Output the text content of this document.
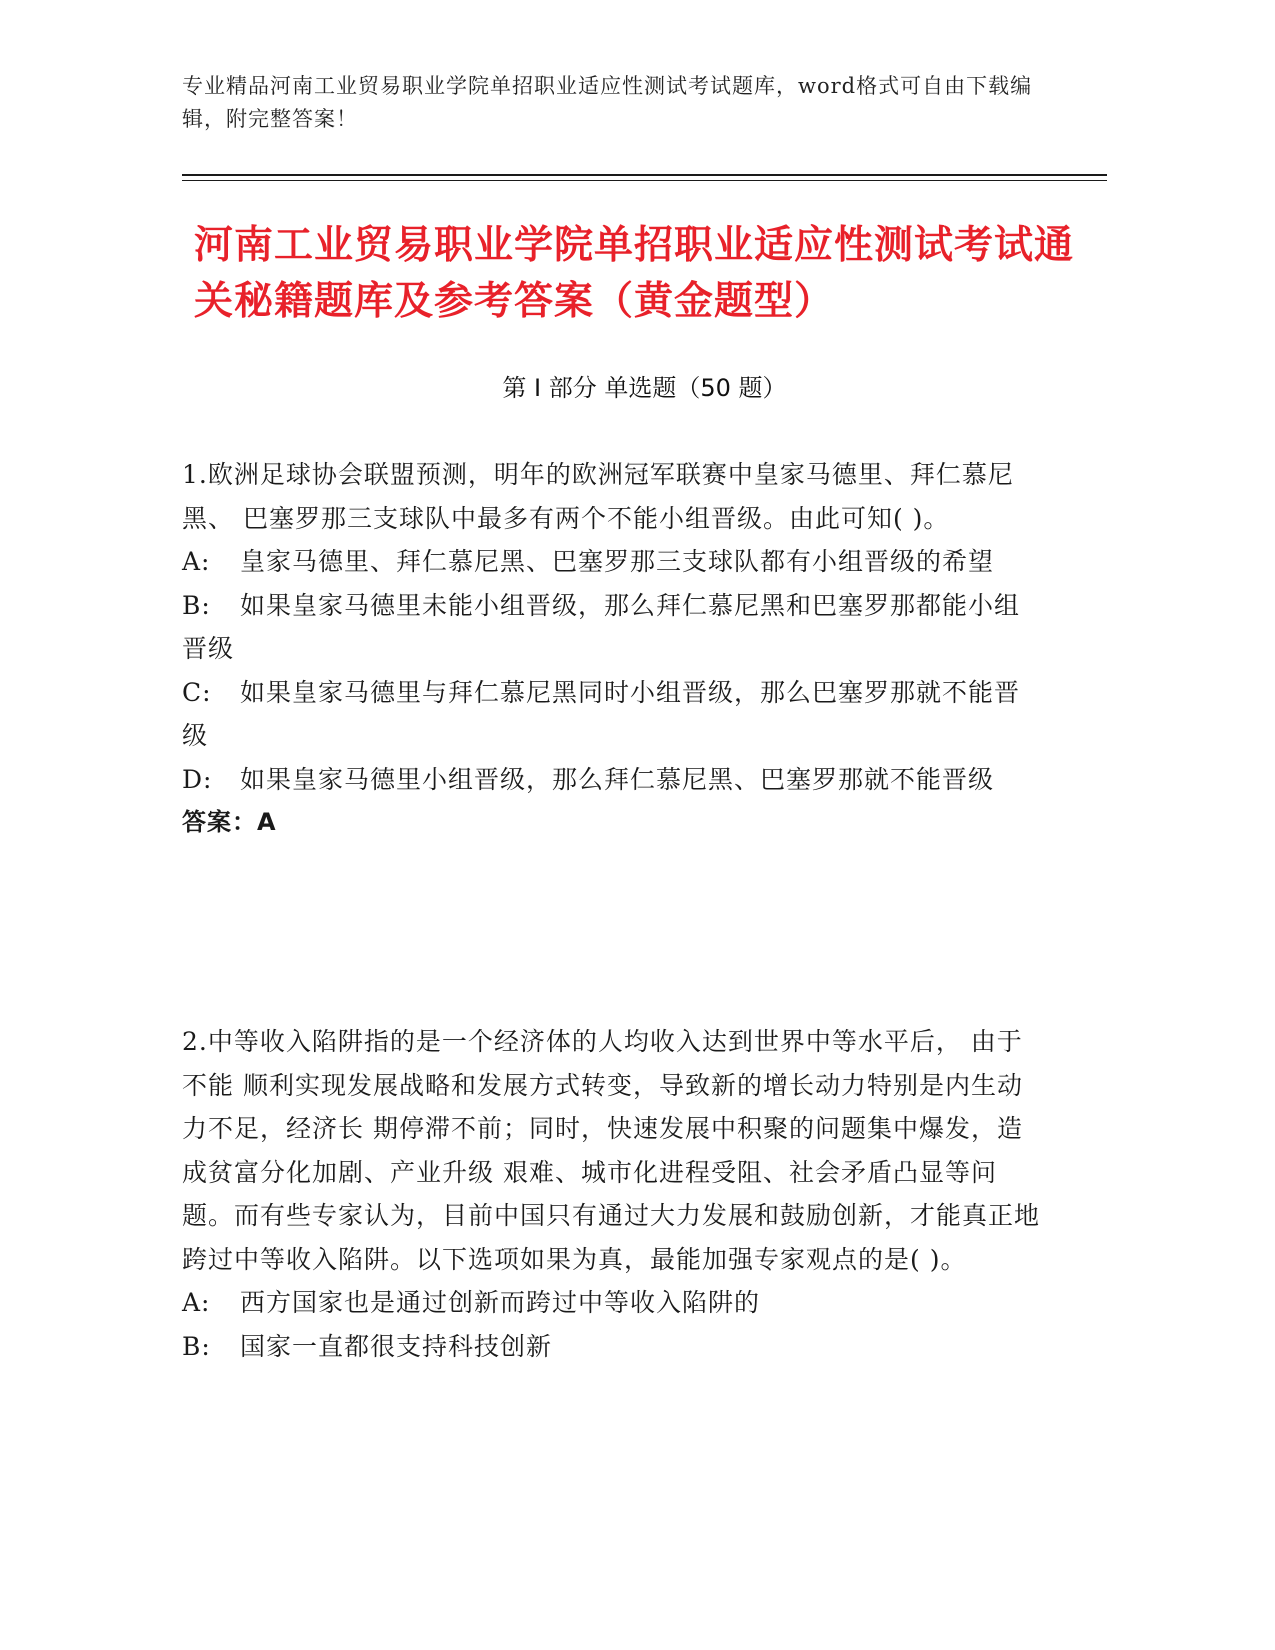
专业精品河南工业贸易职业学院单招职业适应性测试考试题库，word格式可自由下载编辑，附完整答案！
河南工业贸易职业学院单招职业适应性测试考试通关秘籍题库及参考答案（黄金题型）
第 I 部分 单选题（50 题）

1.欧洲足球协会联盟预测，明年的欧洲冠军联赛中皇家马德里、拜仁慕尼黑、 巴塞罗那三支球队中最多有两个不能小组晋级。由此可知( )。

A: 皇家马德里、拜仁慕尼黑、巴塞罗那三支球队都有小组晋级的希望

B: 如果皇家马德里未能小组晋级，那么拜仁慕尼黑和巴塞罗那都能小组晋级

C: 如果皇家马德里与拜仁慕尼黑同时小组晋级，那么巴塞罗那就不能晋级

D: 如果皇家马德里小组晋级，那么拜仁慕尼黑、巴塞罗那就不能晋级

答案：A

2.中等收入陷阱指的是一个经济体的人均收入达到世界中等水平后， 由于不能 顺利实现发展战略和发展方式转变，导致新的增长动力特别是内生动力不足，经济长 期停滞不前；同时，快速发展中积聚的问题集中爆发，造成贫富分化加剧、产业升级 艰难、城市化进程受阻、社会矛盾凸显等问题。而有些专家认为，目前中国只有通过大力发展和鼓励创新，才能真正地跨过中等收入陷阱。以下选项如果为真，最能加强专家观点的是( )。

A: 西方国家也是通过创新而跨过中等收入陷阱的

B: 国家一直都很支持科技创新
